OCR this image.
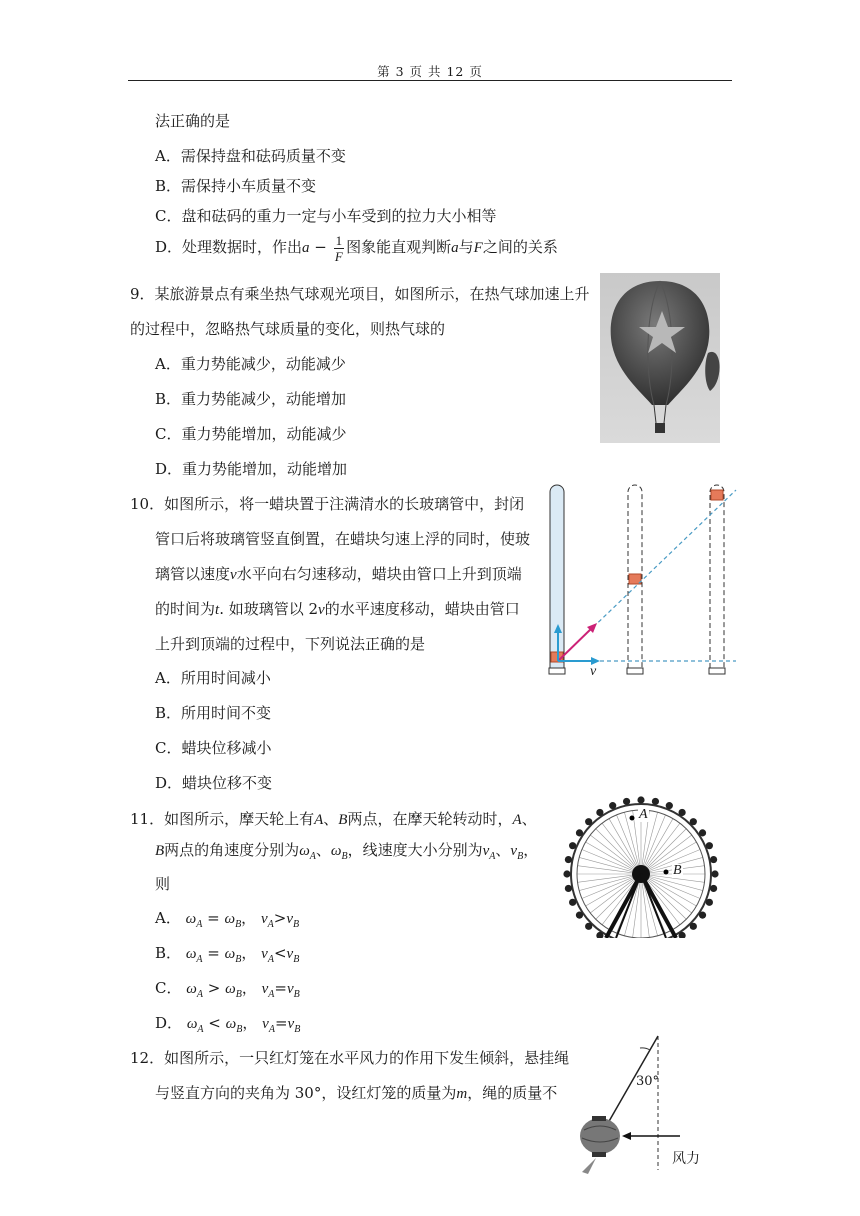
第 3 页 共 12 页
法正确的是
A．需保持盘和砝码质量不变
B．需保持小车质量不变
C．盘和砝码的重力一定与小车受到的拉力大小相等
D．处理数据时，作出$a - \frac{1}{F}$ 图象能直观判断a与F之间的关系
9．某旅游景点有乘坐热气球观光项目，如图所示，在热气球加速上升
的过程中，忽略热气球质量的变化，则热气球的
A．重力势能减少，动能减少
B．重力势能减少，动能增加
C．重力势能增加，动能减少
D．重力势能增加，动能增加
10．如图所示，将一蜡块置于注满清水的长玻璃管中，封闭
管口后将玻璃管竖直倒置，在蜡块匀速上浮的同时，使玻
璃管以速度v水平向右匀速移动，蜡块由管口上升到顶端
的时间为t. 如玻璃管以 2v的水平速度移动，蜡块由管口
上升到顶端的过程中，下列说法正确的是
A．所用时间减小
B．所用时间不变
C．蜡块位移减小
D．蜡块位移不变
v
11．如图所示，摩天轮上有A、B两点，在摩天轮转动时，A、
B两点的角速度分别为$\omega_A$、$\omega_B$，线速度大小分别为$v_A$、$v_B$，
则
A． $\omega_A = \omega_B$， $v_A>v_B$
B． $\omega_A = \omega_B$， $v_A<v_B$
C． $\omega_A > \omega_B$， $v_A=v_B$
D． $\omega_A < \omega_B$， $v_A=v_B$
A
B
12．如图所示，一只红灯笼在水平风力的作用下发生倾斜，悬挂绳
与竖直方向的夹角为 30°，设红灯笼的质量为m，绳的质量不
30°
风力
